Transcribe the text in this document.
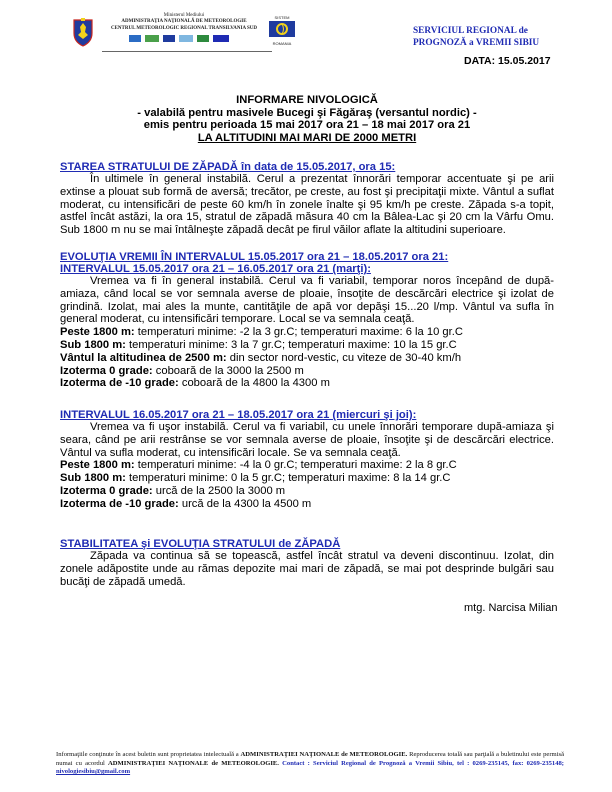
Ministerul Mediului
ADMINISTRAŢIA NAŢIONALĂ DE METEOROLOGIE
CENTRUL METEOROLOGIC REGIONAL TRANSILVANIA SUD
SISTEM
ROMANIA
SERVICIUL REGIONAL de
PROGNOZĂ a VREMII SIBIU
DATA: 15.05.2017
INFORMARE NIVOLOGICĂ
- valabilă pentru masivele Bucegi şi Făgăraş (versantul nordic) -
emis pentru perioada 15 mai 2017 ora 21 – 18 mai 2017 ora 21
LA ALTITUDINI MAI MARI DE 2000 METRI
STAREA STRATULUI DE ZĂPADĂ în data de 15.05.2017, ora 15:
În ultimele în general instabilă. Cerul a prezentat înnorări temporar accentuate şi pe arii extinse a plouat sub formă de aversă; trecător, pe creste, au fost şi precipitaţii mixte. Vântul a suflat moderat, cu intensificări de peste 60 km/h în zonele înalte şi 95 km/h pe creste. Zăpada s-a topit, astfel încât astăzi, la ora 15, stratul de zăpadă măsura 40 cm la Bâlea-Lac şi 20 cm la Vârfu Omu. Sub 1800 m nu se mai întâlneşte zăpadă decât pe firul văilor aflate la altitudini superioare.
EVOLUŢIA VREMII ÎN INTERVALUL 15.05.2017 ora 21 – 18.05.2017 ora 21:
INTERVALUL 15.05.2017 ora 21 – 16.05.2017 ora 21 (marţi):
Vremea va fi în general instabilă. Cerul va fi variabil, temporar noros începând de după-amiaza, când local se vor semnala averse de ploaie, însoţite de descărcări electrice şi izolat de grindină. Izolat, mai ales la munte, cantităţile de apă vor depăşi 15...20 l/mp. Vântul va sufla în general moderat, cu intensificări temporare. Local se va semnala ceaţă.
Peste 1800 m: temperaturi minime: -2 la 3 gr.C; temperaturi maxime: 6 la 10 gr.C
Sub 1800 m: temperaturi minime: 3 la 7 gr.C; temperaturi maxime: 10 la 15 gr.C
Vântul la altitudinea de 2500 m: din sector nord-vestic, cu viteze de 30-40 km/h
Izoterma 0 grade: coboară de la 3000 la 2500 m
Izoterma de -10 grade: coboară de la 4800 la 4300 m
INTERVALUL 16.05.2017 ora 21 – 18.05.2017 ora 21 (miercuri şi joi):
Vremea va fi uşor instabilă. Cerul va fi variabil, cu unele înnorări temporare după-amiaza şi seara, când pe arii restrânse se vor semnala averse de ploaie, însoţite şi de descărcări electrice. Vântul va sufla moderat, cu intensificări locale. Se va semnala ceaţă.
Peste 1800 m: temperaturi minime: -4 la 0 gr.C; temperaturi maxime: 2 la 8 gr.C
Sub 1800 m: temperaturi minime: 0 la 5 gr.C; temperaturi maxime: 8 la 14 gr.C
Izoterma 0 grade: urcă de la 2500 la 3000 m
Izoterma de -10 grade: urcă de la 4300 la 4500 m
STABILITATEA şi EVOLUŢIA STRATULUI de ZĂPADĂ
Zăpada va continua să se topească, astfel încât stratul va deveni discontinuu. Izolat, din zonele adăpostite unde au rămas depozite mai mari de zăpadă, se mai pot desprinde bulgări sau bucăţi de zăpadă umedă.
mtg. Narcisa Milian
Informaţiile conţinute în acest buletin sunt proprietatea intelectuală a ADMINISTRAŢIEI NAŢIONALE de METEOROLOGIE. Reproducerea totală sau parţială a buletinului este permisă numai cu acordul ADMINISTRAŢIEI NAŢIONALE de METEOROLOGIE. Contact : Serviciul Regional de Prognoză a Vremii Sibiu, tel : 0269-235145, fax: 0269-235148; nivologiesibiu@gmail.com
